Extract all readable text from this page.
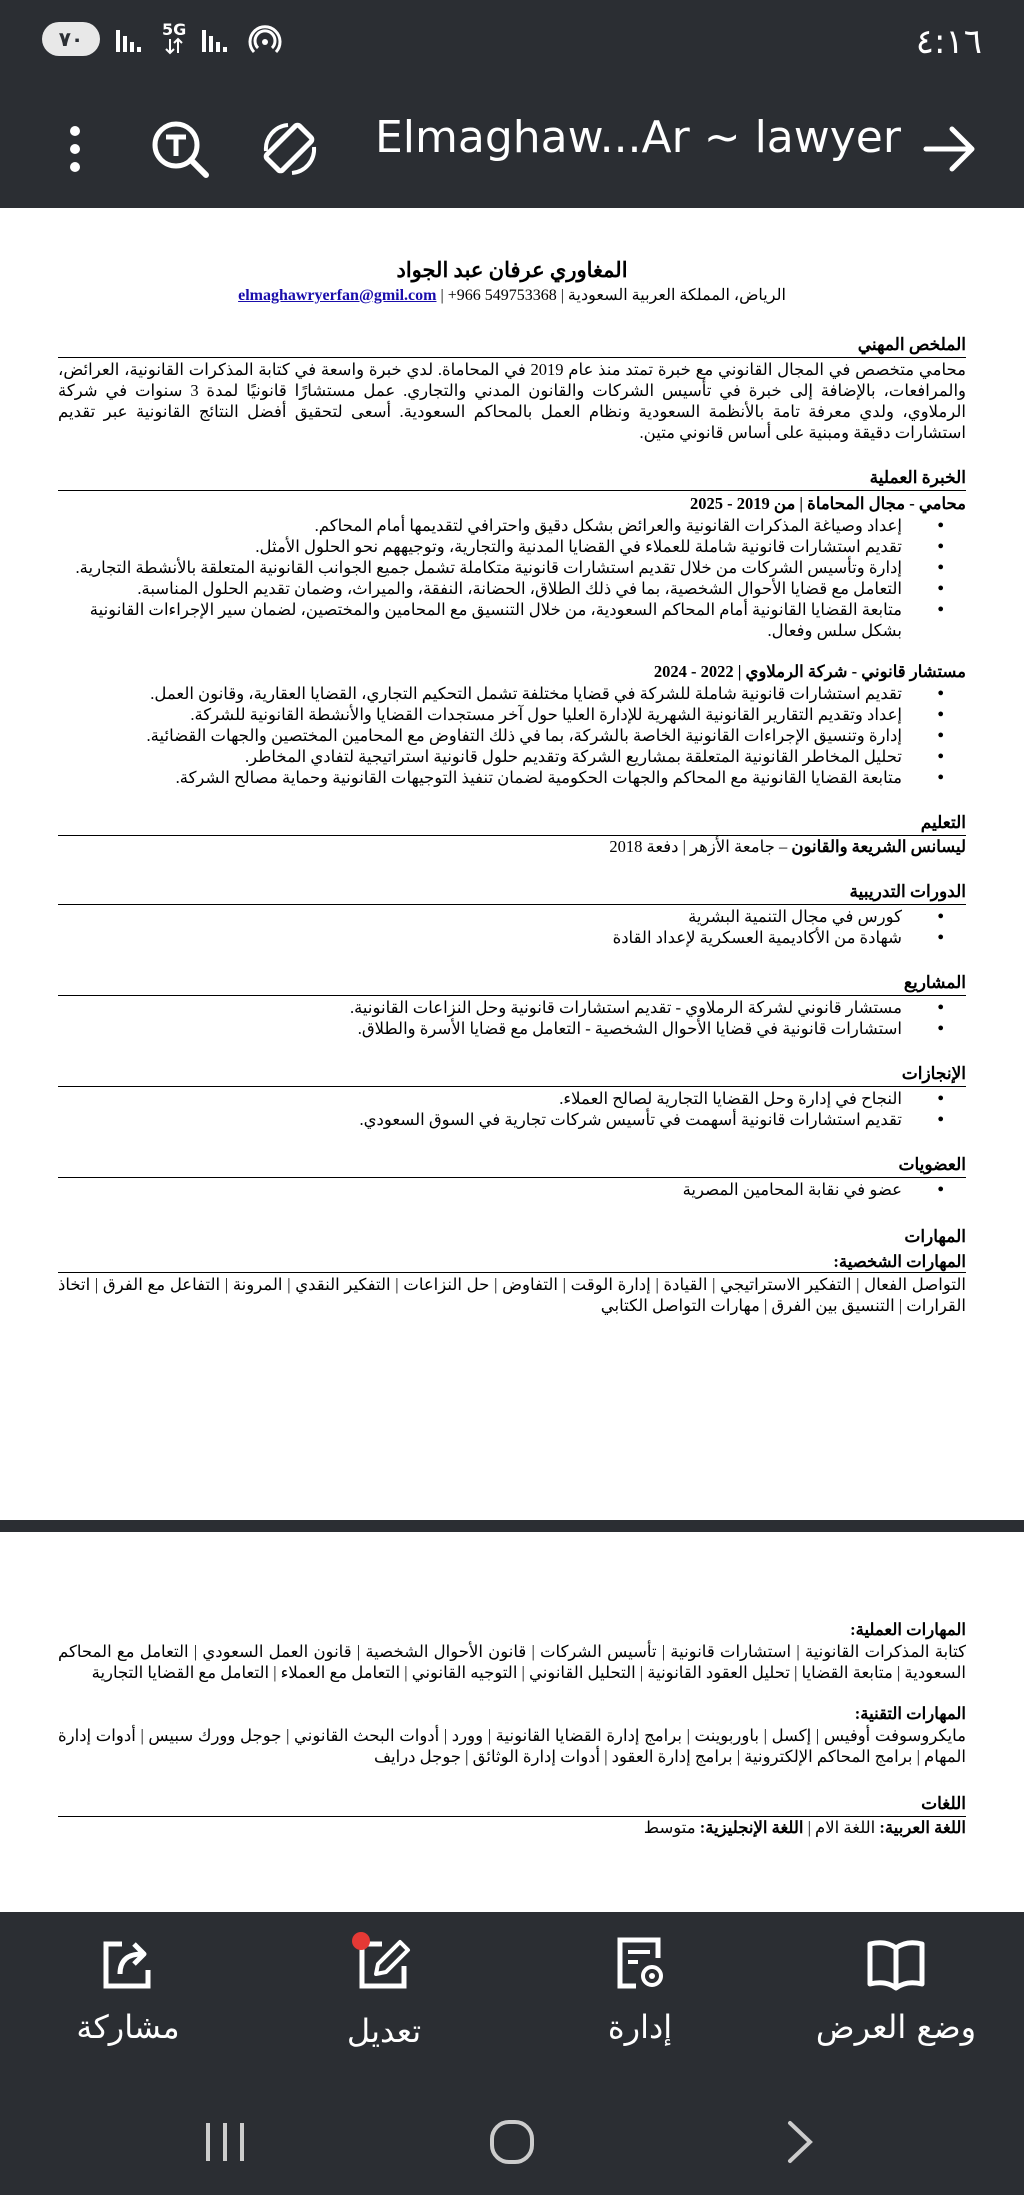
٧٠	5G	٤:١٦
Elmaghaw...Ar ~ lawyer
المغاوري عرفان عبد الجواد
الرياض، المملكة العربية السعودية | +966 549753368 | elmaghawryerfan@gmil.com
الملخص المهني
محامي متخصص في المجال القانوني مع خبرة تمتد منذ عام 2019 في المحاماة. لدي خبرة واسعة في كتابة المذكرات القانونية، العرائض، والمرافعات، بالإضافة إلى خبرة في تأسيس الشركات والقانون المدني والتجاري. عمل مستشارًا قانونيًا لمدة 3 سنوات في شركة الرملاوي، ولدي معرفة تامة بالأنظمة السعودية ونظام العمل بالمحاكم السعودية. أسعى لتحقيق أفضل النتائج القانونية عبر تقديم استشارات دقيقة ومبنية على أساس قانوني متين.
الخبرة العملية
محامي - مجال المحاماة | من 2019 - 2025
● إعداد وصياغة المذكرات القانونية والعرائض بشكل دقيق واحترافي لتقديمها أمام المحاكم.
● تقديم استشارات قانونية شاملة للعملاء في القضايا المدنية والتجارية، وتوجيههم نحو الحلول الأمثل.
● إدارة وتأسيس الشركات من خلال تقديم استشارات قانونية متكاملة تشمل جميع الجوانب القانونية المتعلقة بالأنشطة التجارية.
● التعامل مع قضايا الأحوال الشخصية، بما في ذلك الطلاق، الحضانة، النفقة، والميراث، وضمان تقديم الحلول المناسبة.
● متابعة القضايا القانونية أمام المحاكم السعودية، من خلال التنسيق مع المحامين والمختصين، لضمان سير الإجراءات القانونية بشكل سلس وفعال.
مستشار قانوني - شركة الرملاوي | 2022 - 2024
● تقديم استشارات قانونية شاملة للشركة في قضايا مختلفة تشمل التحكيم التجاري، القضايا العقارية، وقانون العمل.
● إعداد وتقديم التقارير القانونية الشهرية للإدارة العليا حول آخر مستجدات القضايا والأنشطة القانونية للشركة.
● إدارة وتنسيق الإجراءات القانونية الخاصة بالشركة، بما في ذلك التفاوض مع المحامين المختصين والجهات القضائية.
● تحليل المخاطر القانونية المتعلقة بمشاريع الشركة وتقديم حلول قانونية استراتيجية لتفادي المخاطر.
● متابعة القضايا القانونية مع المحاكم والجهات الحكومية لضمان تنفيذ التوجيهات القانونية وحماية مصالح الشركة.
التعليم
ليسانس الشريعة والقانون – جامعة الأزهر | دفعة 2018
الدورات التدريبية
● كورس في مجال التنمية البشرية
● شهادة من الأكاديمية العسكرية لإعداد القادة
المشاريع
● مستشار قانوني لشركة الرملاوي - تقديم استشارات قانونية وحل النزاعات القانونية.
● استشارات قانونية في قضايا الأحوال الشخصية - التعامل مع قضايا الأسرة والطلاق.
الإنجازات
● النجاح في إدارة وحل القضايا التجارية لصالح العملاء.
● تقديم استشارات قانونية أسهمت في تأسيس شركات تجارية في السوق السعودي.
العضويات
● عضو في نقابة المحامين المصرية
المهارات
المهارات الشخصية:
التواصل الفعال | التفكير الاستراتيجي | القيادة | إدارة الوقت | التفاوض | حل النزاعات | التفكير النقدي | المرونة | التفاعل مع الفرق | اتخاذ القرارات | التنسيق بين الفرق | مهارات التواصل الكتابي
المهارات العملية:
كتابة المذكرات القانونية | استشارات قانونية | تأسيس الشركات | قانون الأحوال الشخصية | قانون العمل السعودي | التعامل مع المحاكم السعودية | متابعة القضايا | تحليل العقود القانونية | التحليل القانوني | التوجيه القانوني | التعامل مع العملاء | التعامل مع القضايا التجارية
المهارات التقنية:
مايكروسوفت أوفيس | إكسل | باوربوينت | برامج إدارة القضايا القانونية | وورد | أدوات البحث القانوني | جوجل وورك سبيس | أدوات إدارة المهام | برامج المحاكم الإلكترونية | برامج إدارة العقود | أدوات إدارة الوثائق | جوجل درايف
اللغات
اللغة العربية: اللغة الام | اللغة الإنجليزية: متوسط
مشاركة	تعديل	إدارة	وضع العرض
